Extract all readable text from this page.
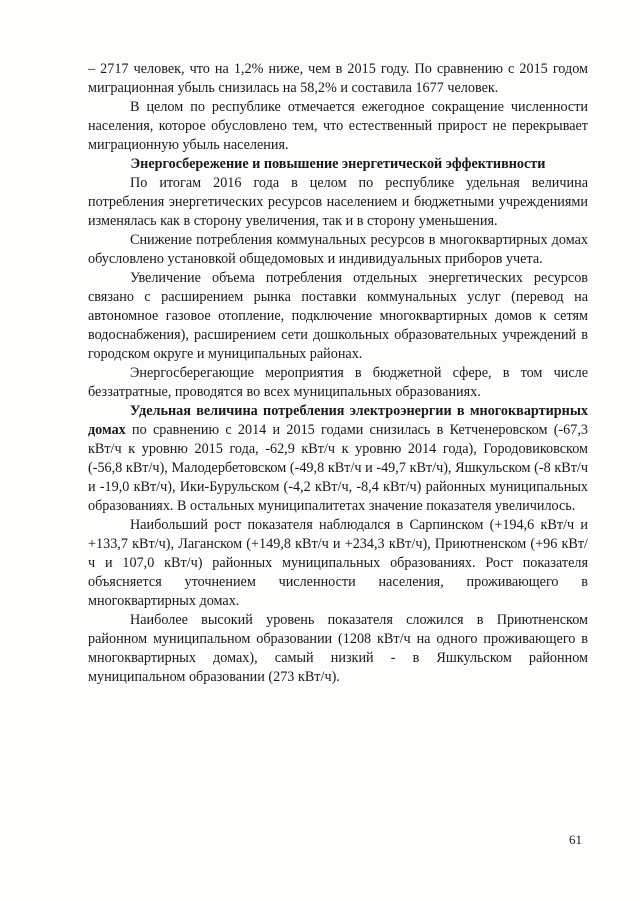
– 2717 человек, что на 1,2% ниже, чем в 2015 году. По сравнению с 2015 годом миграционная убыль снизилась на 58,2% и составила 1677 человек.

В целом по республике отмечается ежегодное сокращение численности населения, которое обусловлено тем, что естественный прирост не перекрывает миграционную убыль населения.

Энергосбережение и повышение энергетической эффективности

По итогам 2016 года в целом по республике удельная величина потребления энергетических ресурсов населением и бюджетными учреждениями изменялась как в сторону увеличения, так и в сторону уменьшения.

Снижение потребления коммунальных ресурсов в многоквартирных домах обусловлено установкой общедомовых и индивидуальных приборов учета.

Увеличение объема потребления отдельных энергетических ресурсов связано с расширением рынка поставки коммунальных услуг (перевод на автономное газовое отопление, подключение многоквартирных домов к сетям водоснабжения), расширением сети дошкольных образовательных учреждений в городском округе и муниципальных районах.

Энергосберегающие мероприятия в бюджетной сфере, в том числе беззатратные, проводятся во всех муниципальных образованиях.

Удельная величина потребления электроэнергии в многоквартирных домах по сравнению с 2014 и 2015 годами снизилась в Кетченеровском (-67,3 кВт/ч к уровню 2015 года, -62,9 кВт/ч к уровню 2014 года), Городовиковском (-56,8 кВт/ч), Малодербетовском (-49,8 кВт/ч и -49,7 кВт/ч), Яшкульском (-8 кВт/ч и -19,0 кВт/ч), Ики-Бурульском (-4,2 кВт/ч, -8,4 кВт/ч) районных муниципальных образованиях. В остальных муниципалитетах значение показателя увеличилось.

Наибольший рост показателя наблюдался в Сарпинском (+194,6 кВт/ч и +133,7 кВт/ч), Лаганском (+149,8 кВт/ч и +234,3 кВт/ч), Приютненском (+96 кВт/ч и 107,0 кВт/ч) районных муниципальных образованиях. Рост показателя объясняется уточнением численности населения, проживающего в многоквартирных домах.

Наиболее высокий уровень показателя сложился в Приютненском районном муниципальном образовании (1208 кВт/ч на одного проживающего в многоквартирных домах), самый низкий - в Яшкульском районном муниципальном образовании (273 кВт/ч).

61
